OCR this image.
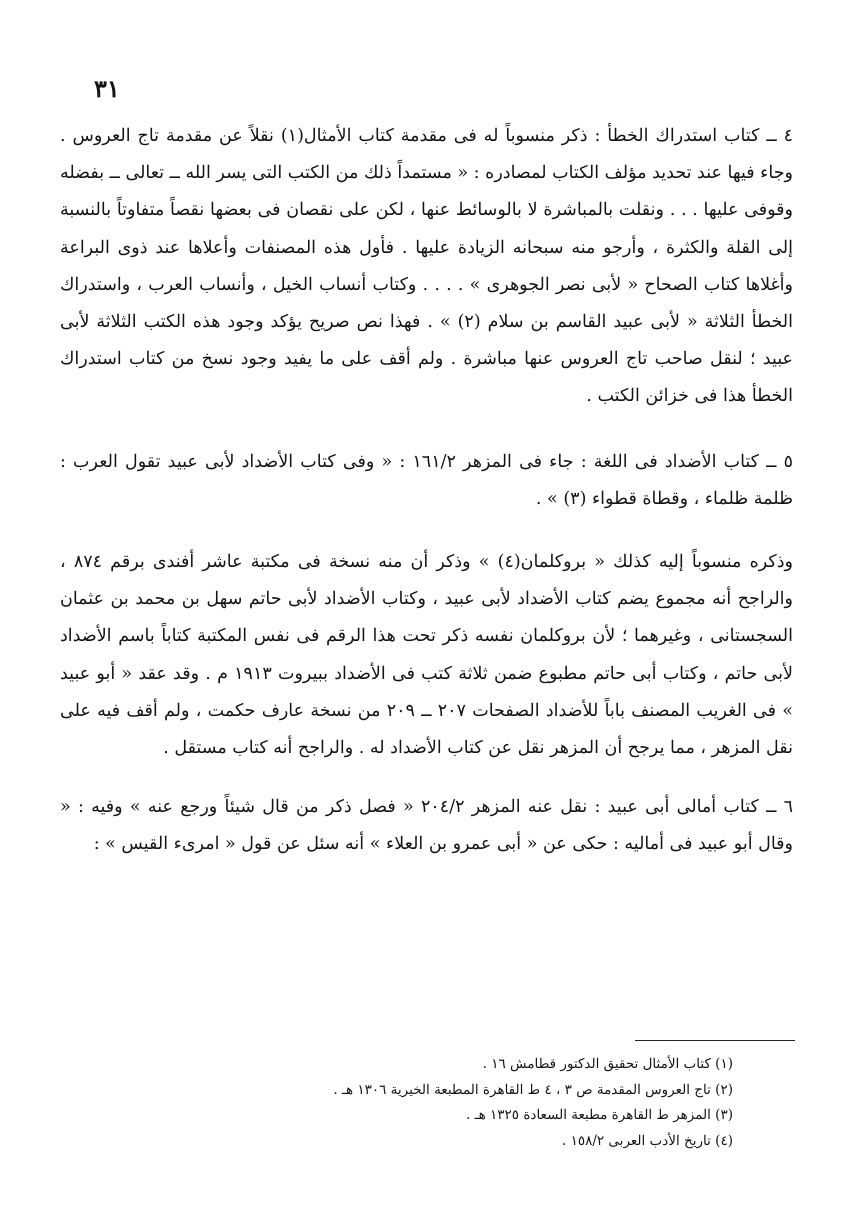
٣١

٤ ــ كتاب استدراك الخطأ : ذكر منسوباً له فى مقدمة كتاب الأمثال(١) نقلاً عن مقدمة تاج العروس . وجاء فيها عند تحديد مؤلف الكتاب لمصادره : « مستمداً ذلك من الكتب التى يسر الله ــ تعالى ــ بفضله وقوفى عليها . . . ونقلت بالمباشرة لا بالوسائط عنها ، لكن على نقصان فى بعضها نقصاً متفاوتاً بالنسبة إلى القلة والكثرة ، وأرجو منه سبحانه الزيادة عليها . فأول هذه المصنفات وأعلاها عند ذوى البراعة وأغلاها كتاب الصحاح « لأبى نصر الجوهرى » . . . . وكتاب أنساب الخيل ، وأنساب العرب ، واستدراك الخطأ الثلاثة « لأبى عبيد القاسم بن سلام (٢) » . فهذا نص صريح يؤكد وجود هذه الكتب الثلاثة لأبى عبيد ؛ لنقل صاحب تاج العروس عنها مباشرة . ولم أقف على ما يفيد وجود نسخ من كتاب استدراك الخطأ هذا فى خزائن الكتب .

٥ ــ كتاب الأضداد فى اللغة : جاء فى المزهر ١٦١/٢ : « وفى كتاب الأضداد لأبى عبيد تقول العرب : ظلمة ظلماء ، وقطاة قطواء (٣) » .

وذكره منسوباً إليه كذلك « بروكلمان(٤) » وذكر أن منه نسخة فى مكتبة عاشر أفندى برقم ٨٧٤ ، والراجح أنه مجموع يضم كتاب الأضداد لأبى عبيد ، وكتاب الأضداد لأبى حاتم سهل بن محمد بن عثمان السجستانى ، وغيرهما ؛ لأن بروكلمان نفسه ذكر تحت هذا الرقم فى نفس المكتبة كتاباً باسم الأضداد لأبى حاتم ، وكتاب أبى حاتم مطبوع ضمن ثلاثة كتب فى الأضداد ببيروت ١٩١٣ م . وقد عقد « أبو عبيد » فى الغريب المصنف باباً للأضداد الصفحات ٢٠٧ ــ ٢٠٩ من نسخة عارف حكمت ، ولم أقف فيه على نقل المزهر ، مما يرجح أن المزهر نقل عن كتاب الأضداد له . والراجح أنه كتاب مستقل .

٦ ــ كتاب أمالى أبى عبيد : نقل عنه المزهر ٢٠٤/٢ « فصل ذكر من قال شيئاً ورجع عنه » وفيه : « وقال أبو عبيد فى أماليه : حكى عن « أبى عمرو بن العلاء » أنه سئل عن قول « امرىء القيس » :

(١) كتاب الأمثال تحقيق الدكتور قطامش ١٦ .
(٢) تاج العروس المقدمة ص ٣ ، ٤ ط القاهرة المطبعة الخيرية ١٣٠٦ هـ .
(٣) المزهر ط القاهرة مطبعة السعادة ١٣٢٥ هـ .
(٤) تاريخ الأدب العربى ١٥٨/٢ .
